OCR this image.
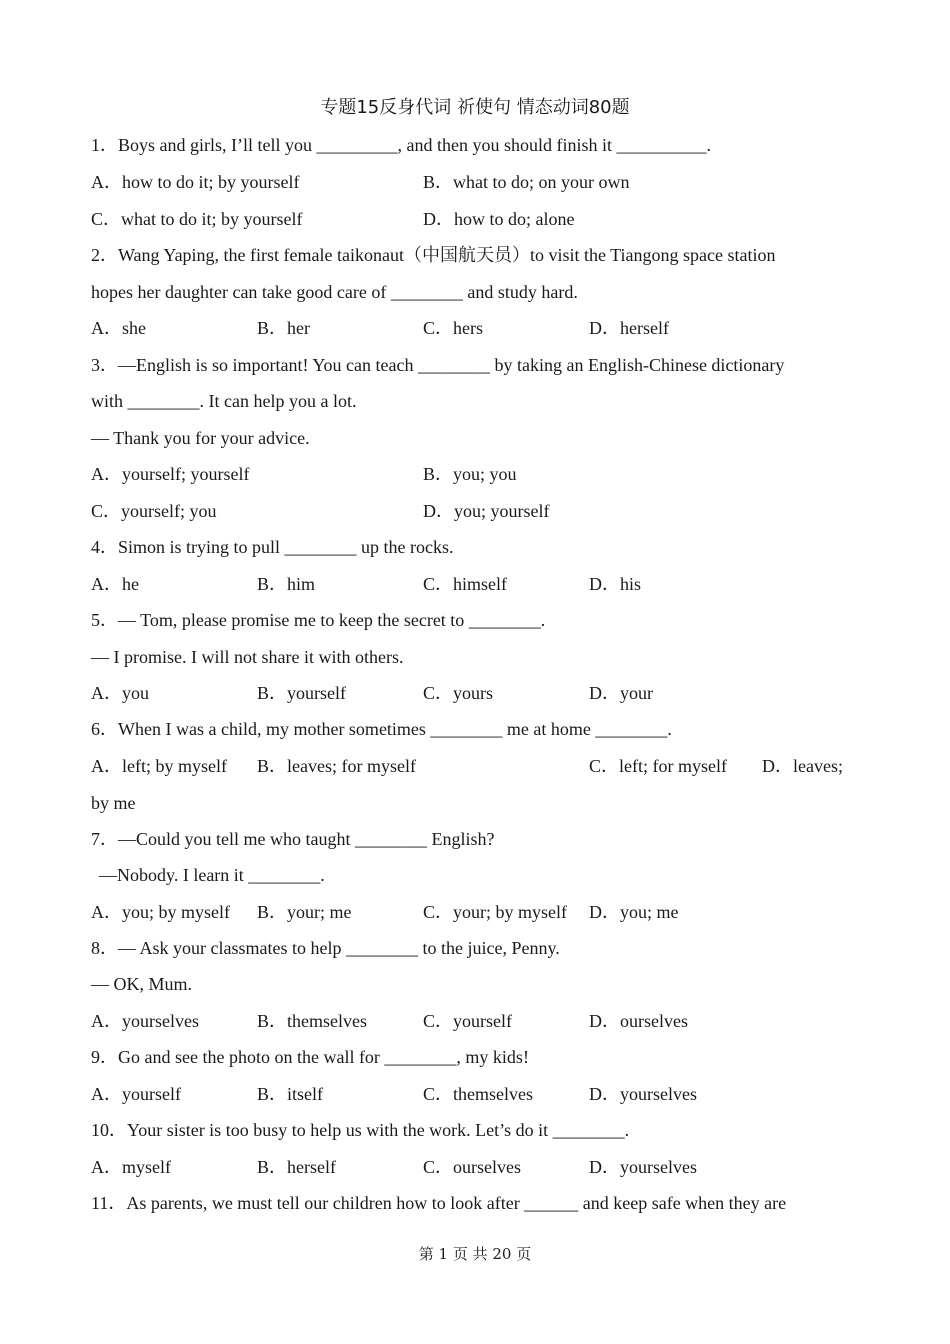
专题15反身代词 祈使句 情态动词80题
1．Boys and girls, I’ll tell you _________, and then you should finish it __________.
A．how to do it; by yourself	B．what to do; on your own
C．what to do it; by yourself	D．how to do; alone
2．Wang Yaping, the first female taikonaut（中国航天员）to visit the Tiangong space station
hopes her daughter can take good care of ________ and study hard.
A．she	B．her	C．hers	D．herself
3．—English is so important! You can teach ________ by taking an English-Chinese dictionary
with ________. It can help you a lot.
— Thank you for your advice.
A．yourself; yourself	B．you; you
C．yourself; you	D．you; yourself
4．Simon is trying to pull ________ up the rocks.
A．he	B．him	C．himself	D．his
5．— Tom, please promise me to keep the secret to ________.
— I promise. I will not share it with others.
A．you	B．yourself	C．yours	D．your
6．When I was a child, my mother sometimes ________ me at home ________.
A．left; by myself B．leaves; for myself	C．left; for myself D．leaves;
by me
7．—Could you tell me who taught ________ English?
—Nobody. I learn it ________.
A．you; by myself B．your; me	C．your; by myself D．you; me
8．— Ask your classmates to help ________ to the juice, Penny.
— OK, Mum.
A．yourselves	B．themselves	C．yourself	D．ourselves
9．Go and see the photo on the wall for ________, my kids!
A．yourself	B．itself	C．themselves	D．yourselves
10．Your sister is too busy to help us with the work. Let’s do it ________.
A．myself	B．herself	C．ourselves	D．yourselves
11．As parents, we must tell our children how to look after ______ and keep safe when they are
第 1 页 共 20 页
